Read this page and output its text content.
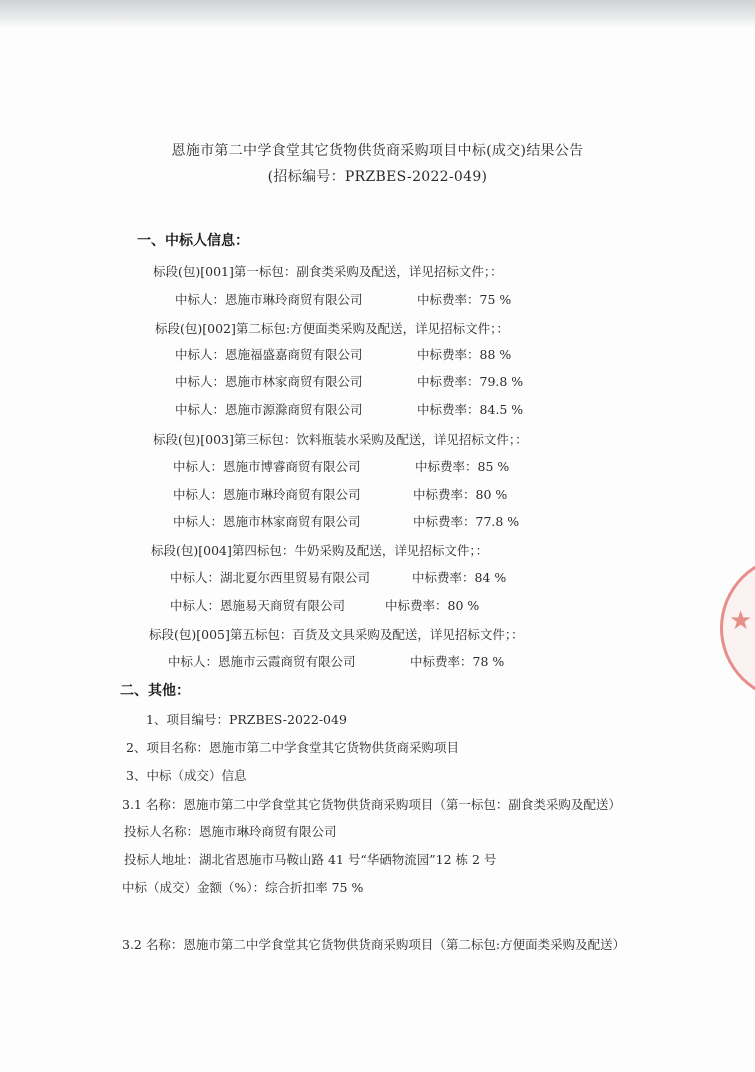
恩施市第二中学食堂其它货物供货商采购项目中标(成交)结果公告
(招标编号：PRZBES-2022-049)
一、中标人信息：
标段(包)[001]第一标包：副食类采购及配送，详见招标文件；：
中标人：恩施市琳玲商贸有限公司	中标费率：75 %
标段(包)[002]第二标包:方便面类采购及配送，详见招标文件；：
中标人：恩施福盛嘉商贸有限公司	中标费率：88 %
中标人：恩施市林家商贸有限公司	中标费率：79.8 %
中标人：恩施市源滁商贸有限公司	中标费率：84.5 %
标段(包)[003]第三标包：饮料瓶装水采购及配送，详见招标文件；：
中标人：恩施市博睿商贸有限公司	中标费率：85 %
中标人：恩施市琳玲商贸有限公司	中标费率：80 %
中标人：恩施市林家商贸有限公司	中标费率：77.8 %
标段(包)[004]第四标包：牛奶采购及配送，详见招标文件；：
中标人：湖北夏尔西里贸易有限公司	中标费率：84 %
中标人：恩施易天商贸有限公司	中标费率：80 %
标段(包)[005]第五标包：百货及文具采购及配送，详见招标文件；：
中标人：恩施市云霞商贸有限公司	中标费率：78 %
二、其他：
1、项目编号：PRZBES-2022-049
2、项目名称：恩施市第二中学食堂其它货物供货商采购项目
3、中标（成交）信息
3.1 名称：恩施市第二中学食堂其它货物供货商采购项目（第一标包：副食类采购及配送）
投标人名称：恩施市琳玲商贸有限公司
投标人地址：湖北省恩施市马鞍山路 41 号“华硒物流园”12 栋 2 号
中标（成交）金额（%）：综合折扣率 75 %
3.2 名称：恩施市第二中学食堂其它货物供货商采购项目（第二标包:方便面类采购及配送）
★
